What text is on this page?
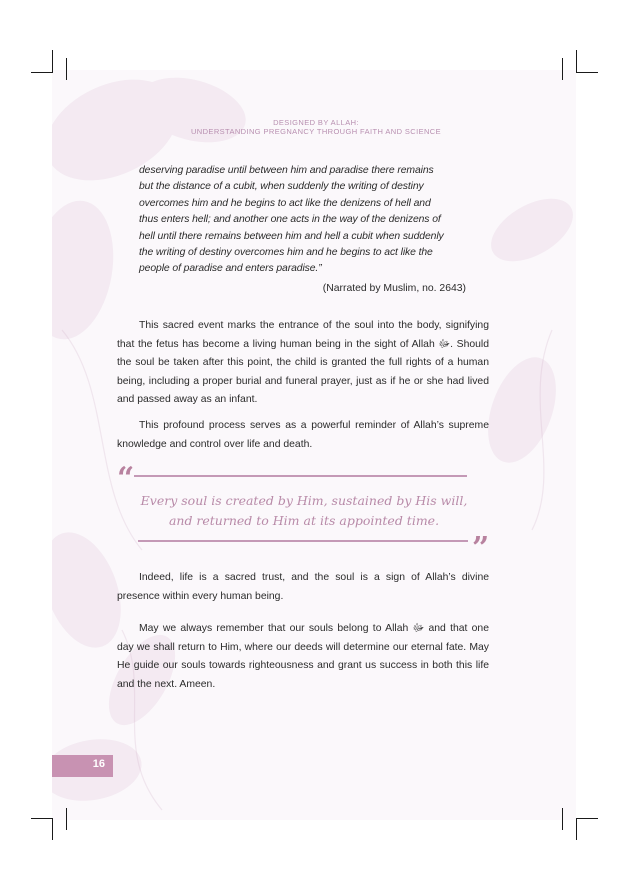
DESIGNED BY ALLAH:
UNDERSTANDING PREGNANCY THROUGH FAITH AND SCIENCE
deserving paradise until between him and paradise there remains
but the distance of a cubit, when suddenly the writing of destiny
overcomes him and he begins to act like the denizens of hell and
thus enters hell; and another one acts in the way of the denizens of
hell until there remains between him and hell a cubit when suddenly
the writing of destiny overcomes him and he begins to act like the
people of paradise and enters paradise.”
(Narrated by Muslim, no. 2643)
This sacred event marks the entrance of the soul into the body, signifying that the fetus has become a living human being in the sight of Allah ﷻ. Should the soul be taken after this point, the child is granted the full rights of a human being, including a proper burial and funeral prayer, just as if he or she had lived and passed away as an infant.
This profound process serves as a powerful reminder of Allah’s supreme knowledge and control over life and death.
“
Every soul is created by Him, sustained by His will,
and returned to Him at its appointed time.
”
Indeed, life is a sacred trust, and the soul is a sign of Allah’s divine presence within every human being.
May we always remember that our souls belong to Allah ﷻ and that one day we shall return to Him, where our deeds will determine our eternal fate. May He guide our souls towards righteousness and grant us success in both this life and the next. Ameen.
16
